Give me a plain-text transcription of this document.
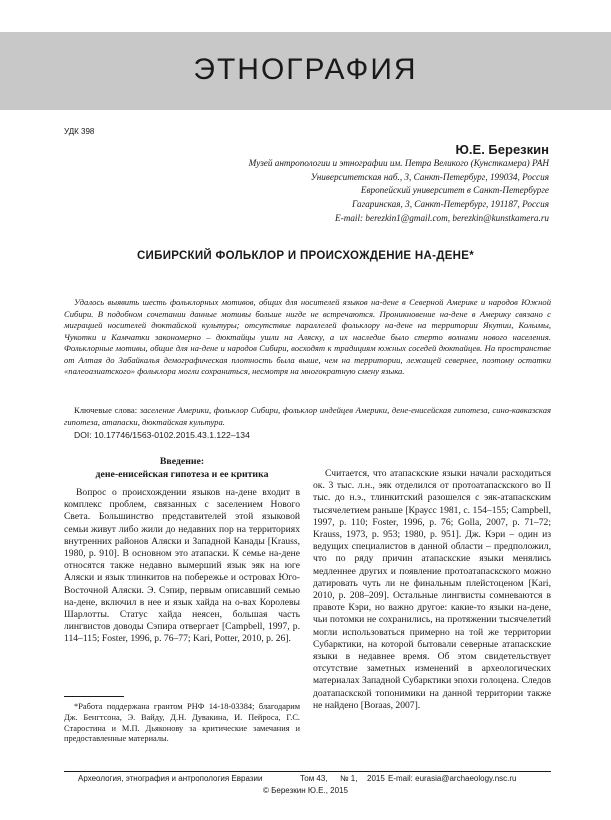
ЭТНОГРАФИЯ
УДК 398
Ю.Е. Березкин
Музей антропологии и этнографии им. Петра Великого (Кунсткамера) РАН
Университетская наб., 3, Санкт-Петербург, 199034, Россия
Европейский университет в Санкт-Петербурге
Гагаринская, 3, Санкт-Петербург, 191187, Россия
E-mail: berezkin1@gmail.com, berezkin@kunstkamera.ru
СИБИРСКИЙ ФОЛЬКЛОР И ПРОИСХОЖДЕНИЕ НА-ДЕНЕ*

Удалось выявить шесть фольклорных мотивов, общих для носителей языков на-дене в Северной Америке и народов Южной Сибири. В подобном сочетании данные мотивы больше нигде не встречаются. Проникновение на-дене в Америку связано с миграцией носителей дюктайской культуры; отсутствие параллелей фольклору на-дене на территории Якутии, Колымы, Чукотки и Камчатки закономерно – дюктайцы ушли на Аляску, а их наследие было стерто волнами нового населения. Фольклорные мотивы, общие для на-дене и народов Сибири, восходят к традициям южных соседей дюктайцев. На пространстве от Алтая до Забайкалья демографическая плотность была выше, чем на территории, лежащей севернее, поэтому остатки «палеоазиатского» фольклора могли сохраниться, несмотря на многократную смену языка.

Ключевые слова: заселение Америки, фольклор Сибири, фольклор индейцев Америки, дене-енисейская гипотеза, сино-кавказская гипотеза, атапаски, дюктайская культура.

DOI: 10.17746/1563-0102.2015.43.1.122–134
Введение:
дене-енисейская гипотеза и ее критика

Вопрос о происхождении языков на-дене входит в комплекс проблем, связанных с заселением Нового Света. Большинство представителей этой языковой семьи живут либо жили до недавних пор на территориях внутренних районов Аляски и Западной Канады [Krauss, 1980, p. 910]. В основном это атапаски. К семье на-дене относятся также недавно вымерший язык эяк на юге Аляски и язык тлинкитов на побережье и островах Юго-Восточной Аляски. Э. Сэпир, первым описавший семью на-дене, включил в нее и язык хайда на о-вах Королевы Шарлотты. Статус хайда неясен, большая часть лингвистов доводы Сэпира отвергает [Campbell, 1997, p. 114–115; Foster, 1996, p. 76–77; Kari, Potter, 2010, p. 26].

*Работа поддержана грантом РНФ 14-18-03384; благодарим Дж. Бенгтсона, Э. Вайду, Д.Н. Дувакина, И. Пейроса, Г.С. Старостина и М.П. Дьяконову за критические замечания и предоставленные материалы.

Считается, что атапаскские языки начали расходиться ок. 3 тыс. л.н., эяк отделился от протоатапаскского во II тыс. до н.э., тлинкитский разошелся с эяк-атапаскским тысячелетием раньше [Краусс 1981, с. 154–155; Campbell, 1997, p. 110; Foster, 1996, p. 76; Golla, 2007, p. 71–72; Krauss, 1973, p. 953; 1980, p. 951]. Дж. Кэри – один из ведущих специалистов в данной области – предположил, что по ряду причин атапаскские языки менялись медленнее других и появление протоатапаскского можно датировать чуть ли не финальным плейстоценом [Kari, 2010, p. 208–209]. Остальные лингвисты сомневаются в правоте Кэри, но важно другое: какие-то языки на-дене, чьи потомки не сохранились, на протяжении тысячелетий могли использоваться примерно на той же территории Субарктики, на которой бытовали северные атапаскские языки в недавнее время. Об этом свидетельствует отсутствие заметных изменений в археологических материалах Западной Субарктики эпохи голоцена. Следов доатапаскской топонимики на данной территории также не найдено [Boraas, 2007].

Археология, этнография и антропология Евразии	Том 43, № 1, 2015 E-mail: eurasia@archaeology.nsc.ru
© Березкин Ю.Е., 2015
